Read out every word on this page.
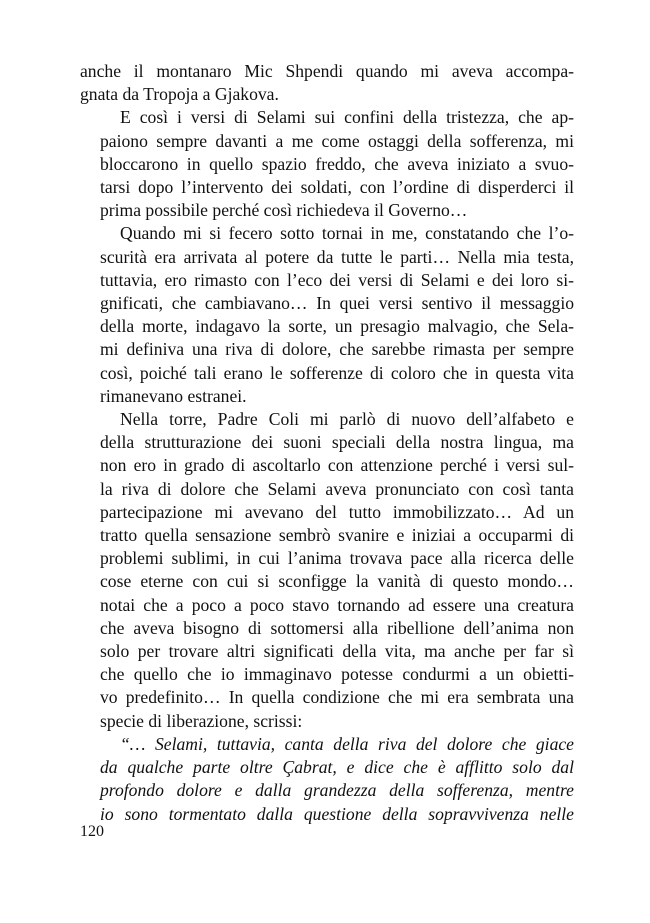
anche il montanaro Mic Shpendi quando mi aveva accompa-
gnata da Tropoja a Gjakova.

E così i versi di Selami sui confini della tristezza, che ap-
paiono sempre davanti a me come ostaggi della sofferenza, mi
bloccarono in quello spazio freddo, che aveva iniziato a svuo-
tarsi dopo l’intervento dei soldati, con l’ordine di disperderci il
prima possibile perché così richiedeva il Governo…

Quando mi si fecero sotto tornai in me, constatando che l’o-
scurità era arrivata al potere da tutte le parti… Nella mia testa,
tuttavia, ero rimasto con l’eco dei versi di Selami e dei loro si-
gnificati, che cambiavano… In quei versi sentivo il messaggio
della morte, indagavo la sorte, un presagio malvagio, che Sela-
mi definiva una riva di dolore, che sarebbe rimasta per sempre
così, poiché tali erano le sofferenze di coloro che in questa vita
rimanevano estranei.

Nella torre, Padre Coli mi parlò di nuovo dell’alfabeto e
della strutturazione dei suoni speciali della nostra lingua, ma
non ero in grado di ascoltarlo con attenzione perché i versi sul-
la riva di dolore che Selami aveva pronunciato con così tanta
partecipazione mi avevano del tutto immobilizzato… Ad un
tratto quella sensazione sembrò svanire e iniziai a occuparmi di
problemi sublimi, in cui l’anima trovava pace alla ricerca delle
cose eterne con cui si sconfigge la vanità di questo mondo…
notai che a poco a poco stavo tornando ad essere una creatura
che aveva bisogno di sottomersi alla ribellione dell’anima non
solo per trovare altri significati della vita, ma anche per far sì
che quello che io immaginavo potesse condurmi a un obietti-
vo predefinito… In quella condizione che mi era sembrata una
specie di liberazione, scrissi:

“… Selami, tuttavia, canta della riva del dolore che giace
da qualche parte oltre Çabrat, e dice che è afflitto solo dal
profondo dolore e dalla grandezza della sofferenza, mentre
io sono tormentato dalla questione della sopravvivenza nelle

120
